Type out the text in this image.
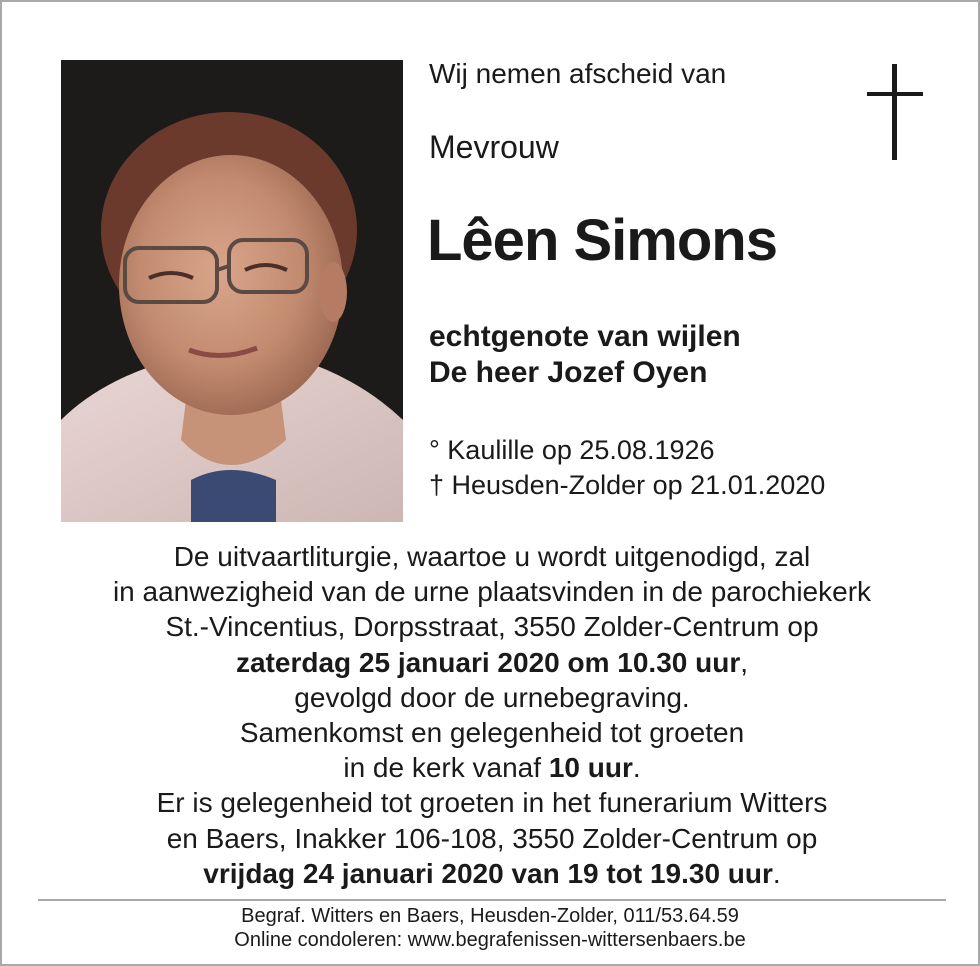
Wij nemen afscheid van
Mevrouw
Lêen Simons
echtgenote van wijlen
De heer Jozef Oyen
° Kaulille op 25.08.1926
† Heusden-Zolder op 21.01.2020
De uitvaartliturgie, waartoe u wordt uitgenodigd, zal
in aanwezigheid van de urne plaatsvinden in de parochiekerk
St.-Vincentius, Dorpsstraat, 3550 Zolder-Centrum op
zaterdag 25 januari 2020 om 10.30 uur,
gevolgd door de urnebegraving.
Samenkomst en gelegenheid tot groeten
in de kerk vanaf 10 uur.
Er is gelegenheid tot groeten in het funerarium Witters
en Baers, Inakker 106-108, 3550 Zolder-Centrum op
vrijdag 24 januari 2020 van 19 tot 19.30 uur.
Begraf. Witters en Baers, Heusden-Zolder, 011/53.64.59
Online condoleren: www.begrafenissen-wittersenbaers.be
